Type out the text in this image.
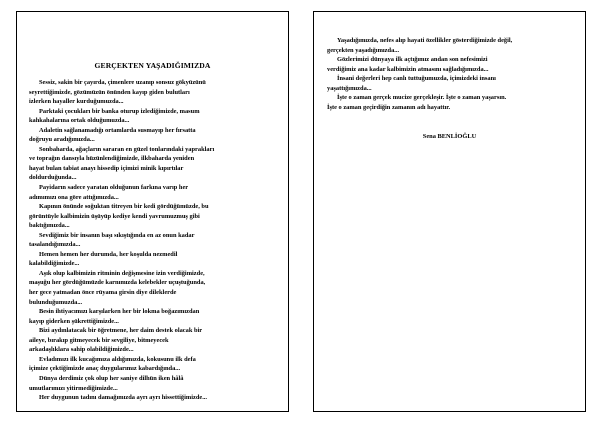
GERÇEKTEN YAŞADIĞIMIZDA
Sessiz, sakin bir çayırda, çimenlere uzanıp sonsuz gökyüzünü
seyrettiğimizde, gözümüzün önünden kayıp giden bulutları
izlerken hayaller kurduğumuzda...
Parktaki çocukları bir banka oturup izlediğimizde, masum
kahkahalarına ortak olduğumuzda...
Adaletin sağlanamadığı ortamlarda susmayıp her fırsatta
doğruyu aradığımızda...
Sonbaharda, ağaçların sararan en güzel tonlarındaki yaprakları
ve toprağın dansıyla hüzünlendiğimizde, ilkbaharda yeniden
hayat bulan tabiat anayı hissedip içimizi minik kıpırtılar
doldurduğunda...
Payidarın sadece yaratan olduğunun farkına varıp her
adımımızı ona göre attığımızda...
Kapının önünde soğuktan titreyen bir kedi gördüğümüzde, bu
görüntüyle kalbimizin üşüyüp kediye kendi yavrumuzmuş gibi
baktığımızda...
Sevdiğimiz bir insanın başı sıkıştığında en az onun kadar
tasalandığımızda...
Hemen hemen her durumda, her koşulda nezmedil
kalabildiğimizde...
Aşık olup kalbimizin ritminin değişmesine izin verdiğimizde,
maşuğu her gördüğümüzde karnımızda kelebekler uçuştuğunda,
her gece yatmadan önce rüyama girsin diye dileklerde
bulunduğumuzda...
Besin ihtiyacımızı karşılarken her bir lokma boğazımızdan
kayıp giderken şükrettiğimizde...
Bizi aydınlatacak bir öğretmene, her daim destek olacak bir
aileye, bırakıp gitmeyecek bir sevgiliye, bitmeyecek
arkadaşlıklara sahip olabildiğimizde...
Evladımızı ilk kucağımıza aldığımızda, kokusunu ilk defa
içimize çektiğimizde anaç duygularımız kabardığında...
Dünya derdimiz çok olup her saniye dilhün iken hâlâ
umutlarımızı yitirmediğimizde...
Her duygunun tadını damağımızda ayrı ayrı hissettiğimizde...
Yaşadığımızda, nefes alıp hayati özellikler gösterdiğimizde değil,
gerçekten yaşadığımızda...
Gözlerimizi dünyaya ilk açtığımız andan son nefesimizi
verdiğimiz ana kadar kalbimizin atmasını sağladığımızda...
İnsani değerleri hep canlı tuttuğumuzda, içimizdeki insanı
yaşattığımızda...
İşte o zaman gerçek mucize gerçekleşir. İşte o zaman yaşarsın.
İşte o zaman geçirdiğin zamanın adı hayattır.
Sena BENLİOĞLU
